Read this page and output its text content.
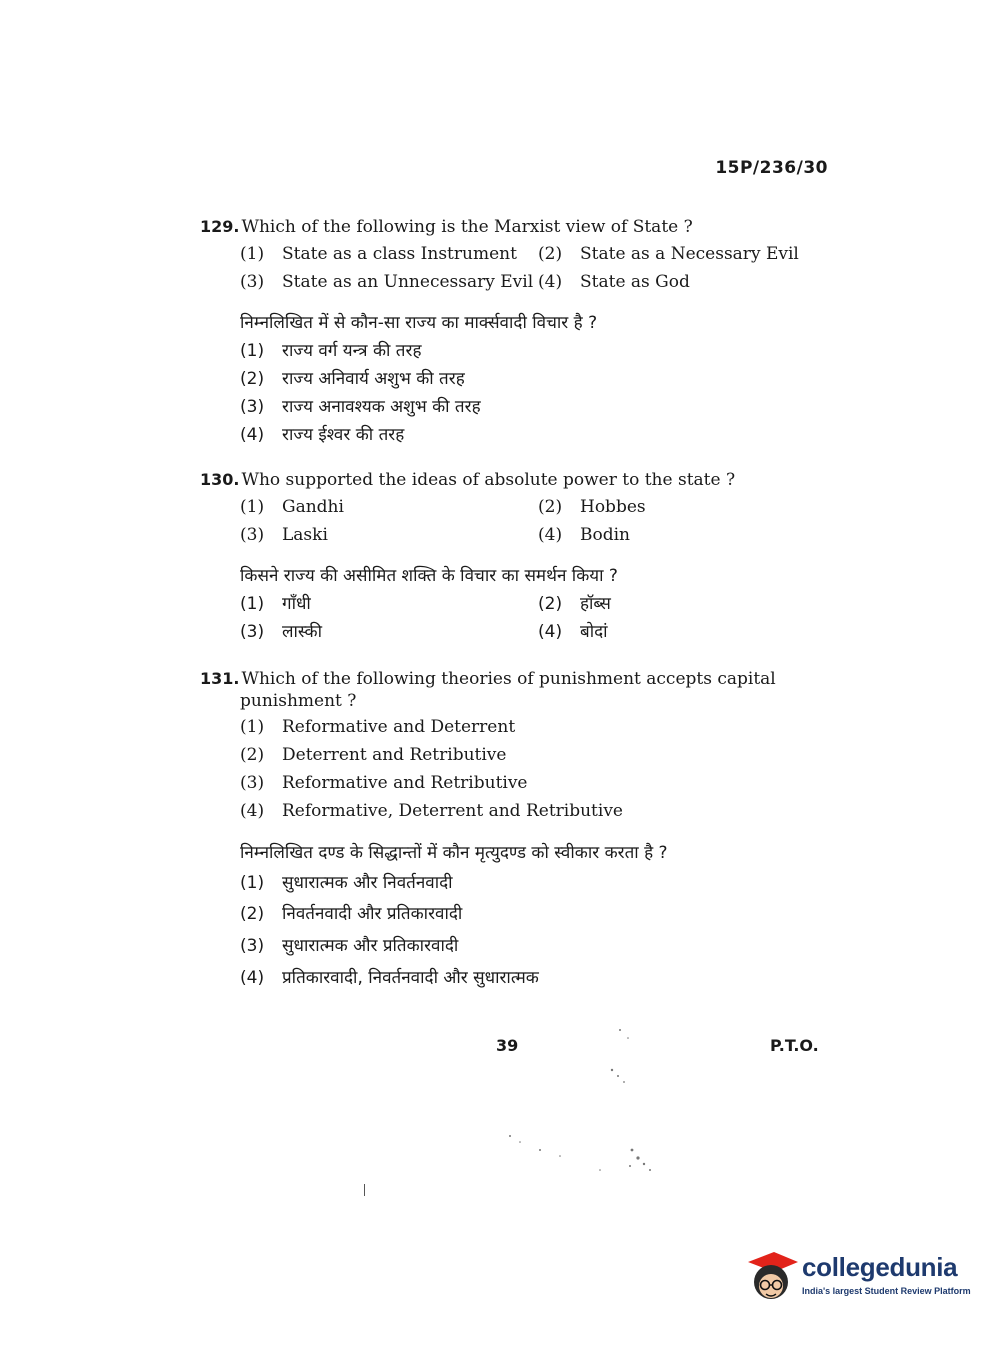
15P/236/30
129. Which of the following is the Marxist view of State ?
(1) State as a class Instrument (2) State as a Necessary Evil
(3) State as an Unnecessary Evil (4) State as God
निम्नलिखित में से कौन-सा राज्य का मार्क्सवादी विचार है ?
(1) राज्य वर्ग यन्त्र की तरह
(2) राज्य अनिवार्य अशुभ की तरह
(3) राज्य अनावश्यक अशुभ की तरह
(4) राज्य ईश्वर की तरह
130. Who supported the ideas of absolute power to the state ?
(1) Gandhi	(2) Hobbes
(3) Laski	(4) Bodin
किसने राज्य की असीमित शक्ति के विचार का समर्थन किया ?
(1) गाँधी	(2) हॉब्स
(3) लास्की	(4) बोदां
131. Which of the following theories of punishment accepts capital punishment ?
(1) Reformative and Deterrent
(2) Deterrent and Retributive
(3) Reformative and Retributive
(4) Reformative, Deterrent and Retributive
निम्नलिखित दण्ड के सिद्धान्तों में कौन मृत्युदण्ड को स्वीकार करता है ?
(1) सुधारात्मक और निवर्तनवादी
(2) निवर्तनवादी और प्रतिकारवादी
(3) सुधारात्मक और प्रतिकारवादी
(4) प्रतिकारवादी, निवर्तनवादी और सुधारात्मक
39	P.T.O.
collegedunia
India's largest Student Review Platform
